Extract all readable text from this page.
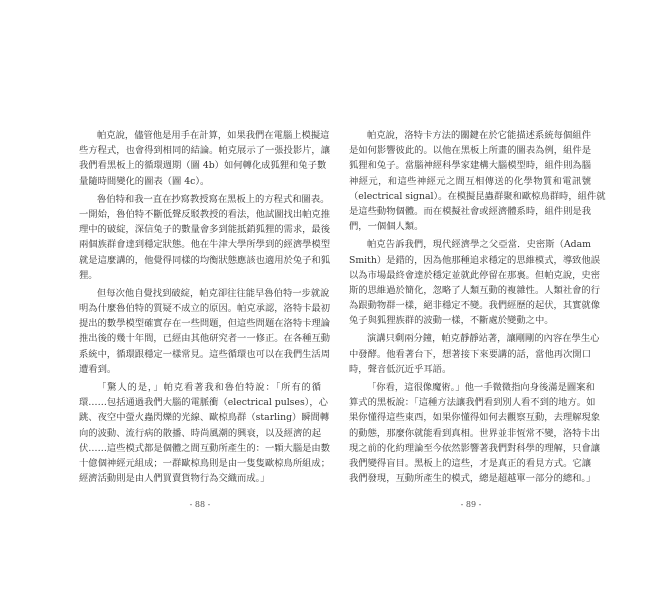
帕克說，儘管他是用手在計算，如果我們在電腦上模擬這
些方程式，也會得到相同的結論。帕克展示了一張投影片，讓
我們看黑板上的循環週期（圖 4b）如何轉化成狐狸和兔子數
量隨時間變化的圖表（圖 4c）。
魯伯特和我一直在抄寫教授寫在黑板上的方程式和圖表。
一開始，魯伯特不斷低聲反駁教授的看法，他試圖找出帕克推
理中的破綻，深信兔子的數量會多到能抵銷狐狸的需求，最後
兩個族群會達到穩定狀態。他在牛津大學所學到的經濟學模型
就是這麼講的，他覺得同樣的均衡狀態應該也適用於兔子和狐
狸。
但每次他自覺找到破綻，帕克卻往往能早魯伯特一步就說
明為什麼魯伯特的質疑不成立的原因。帕克承認，洛特卡最初
提出的數學模型確實存在一些問題，但這些問題在洛特卡理論
推出後的幾十年間，已經由其他研究者一一修正。在各種互動
系統中，循環跟穩定一樣常見。這些循環也可以在我們生活周
遭看到。
「驚人的是，」帕克看著我和魯伯特說：「所有的循
環……包括通過我們大腦的電脈衝（electrical pulses），心
跳、夜空中螢火蟲閃爍的光線、歐椋鳥群（starling）瞬間轉
向的波動、流行病的散播、時尚風潮的興衰，以及經濟的起
伏……這些模式都是個體之間互動所產生的：一顆大腦是由數
十億個神經元組成；一群歐椋鳥則是由一隻隻歐椋鳥所組成；
經濟活動則是由人們買賣貨物行為交織而成。」
帕克說，洛特卡方法的關鍵在於它能描述系統每個組件
是如何影響彼此的。以他在黑板上所畫的圖表為例，組件是
狐狸和兔子。當腦神經科學家建構大腦模型時，組件則為腦
神經元，和這些神經元之間互相傳送的化學物質和電訊號
（electrical signal）。在模擬昆蟲群聚和歐椋鳥群時，組件就
是這些動物個體。而在模擬社會或經濟體系時，組件則是我
們，一個個人類。
帕克告訴我們，現代經濟學之父亞當．史密斯（Adam
Smith）是錯的，因為他那種追求穩定的思維模式，導致他誤
以為市場最終會達於穩定並就此停留在那裏。但帕克說，史密
斯的思維過於簡化，忽略了人類互動的複雜性。人類社會的行
為跟動物群一樣，絕非穩定不變。我們經歷的起伏，其實就像
兔子與狐狸族群的波動一樣，不斷處於變動之中。
演講只剩兩分鐘，帕克靜靜站著，讓剛剛的內容在學生心
中發酵。他看著台下，想著接下來要講的話，當他再次開口
時，聲音低沉近乎耳語。
「你看，這很像魔術。」他一手微微指向身後滿是圖案和
算式的黑板說：「這種方法讓我們看到別人看不到的地方。如
果你懂得這些東西，如果你懂得如何去觀察互動，去理解現象
的動態，那麼你就能看到真相。世界並非恆常不變，洛特卡出
現之前的化約理論至今依然影響著我們對科學的理解，只會讓
我們變得盲目。黑板上的這些，才是真正的看見方式。它讓
我們發現，互動所產生的模式，總是超越單一部分的總和。」
- 88 -	- 89 -
